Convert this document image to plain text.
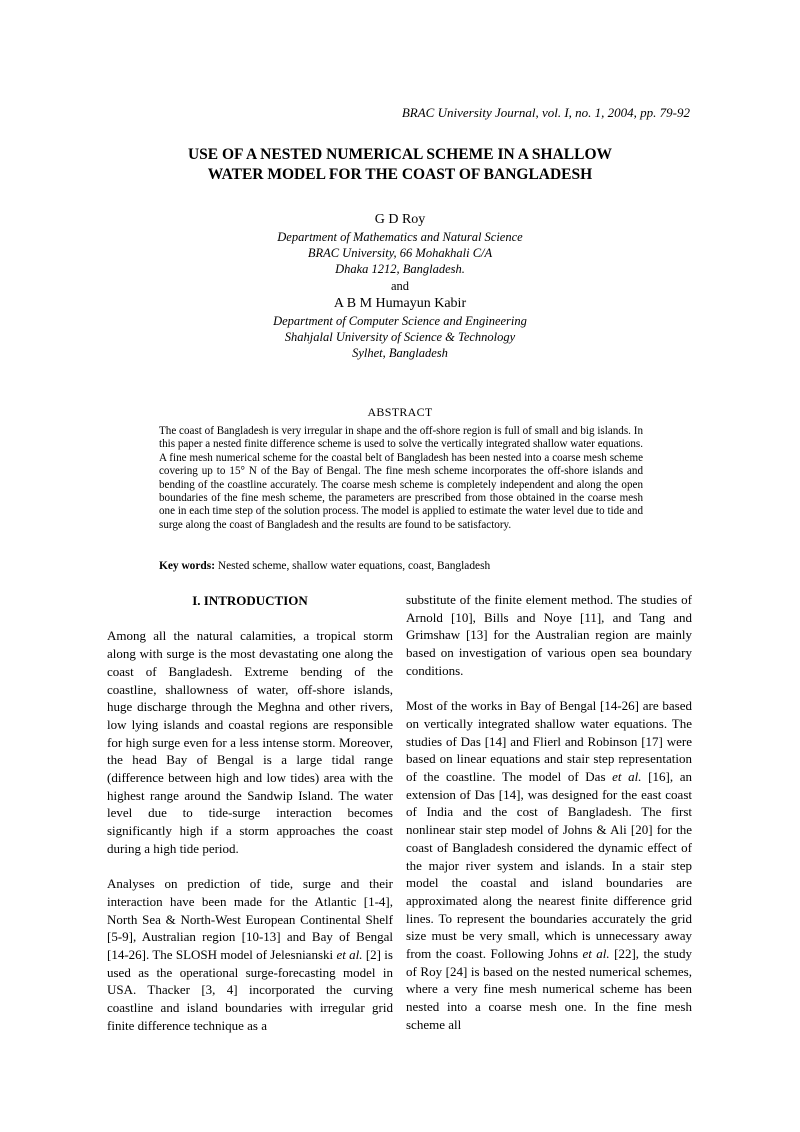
BRAC University Journal, vol. I, no. 1, 2004, pp. 79-92
USE OF A NESTED NUMERICAL SCHEME IN A SHALLOW
WATER MODEL FOR THE COAST OF BANGLADESH
G D Roy
Department of Mathematics and Natural Science
BRAC University, 66 Mohakhali C/A
Dhaka 1212, Bangladesh.
and
A B M Humayun Kabir
Department of Computer Science and Engineering
Shahjalal University of Science & Technology
Sylhet, Bangladesh
ABSTRACT
The coast of Bangladesh is very irregular in shape and the off-shore region is full of small and big islands. In this paper a nested finite difference scheme is used to solve the vertically integrated shallow water equations. A fine mesh numerical scheme for the coastal belt of Bangladesh has been nested into a coarse mesh scheme covering up to 15° N of the Bay of Bengal. The fine mesh scheme incorporates the off-shore islands and bending of the coastline accurately. The coarse mesh scheme is completely independent and along the open boundaries of the fine mesh scheme, the parameters are prescribed from those obtained in the coarse mesh one in each time step of the solution process. The model is applied to estimate the water level due to tide and surge along the coast of Bangladesh and the results are found to be satisfactory.
Key words: Nested scheme, shallow water equations, coast, Bangladesh
I. INTRODUCTION
Among all the natural calamities, a tropical storm along with surge is the most devastating one along the coast of Bangladesh. Extreme bending of the coastline, shallowness of water, off-shore islands, huge discharge through the Meghna and other rivers, low lying islands and coastal regions are responsible for high surge even for a less intense storm. Moreover, the head Bay of Bengal is a large tidal range (difference between high and low tides) area with the highest range around the Sandwip Island. The water level due to tide-surge interaction becomes significantly high if a storm approaches the coast during a high tide period.
Analyses on prediction of tide, surge and their interaction have been made for the Atlantic [1-4], North Sea & North-West European Continental Shelf [5-9], Australian region [10-13] and Bay of Bengal [14-26]. The SLOSH model of Jelesnianski et al. [2] is used as the operational surge-forecasting model in USA. Thacker [3, 4] incorporated the curving coastline and island boundaries with irregular grid finite difference technique as a
substitute of the finite element method. The studies of Arnold [10], Bills and Noye [11], and Tang and Grimshaw [13] for the Australian region are mainly based on investigation of various open sea boundary conditions.
Most of the works in Bay of Bengal [14-26] are based on vertically integrated shallow water equations. The studies of Das [14] and Flierl and Robinson [17] were based on linear equations and stair step representation of the coastline. The model of Das et al. [16], an extension of Das [14], was designed for the east coast of India and the cost of Bangladesh. The first nonlinear stair step model of Johns & Ali [20] for the coast of Bangladesh considered the dynamic effect of the major river system and islands. In a stair step model the coastal and island boundaries are approximated along the nearest finite difference grid lines. To represent the boundaries accurately the grid size must be very small, which is unnecessary away from the coast. Following Johns et al. [22], the study of Roy [24] is based on the nested numerical schemes, where a very fine mesh numerical scheme has been nested into a coarse mesh one. In the fine mesh scheme all
